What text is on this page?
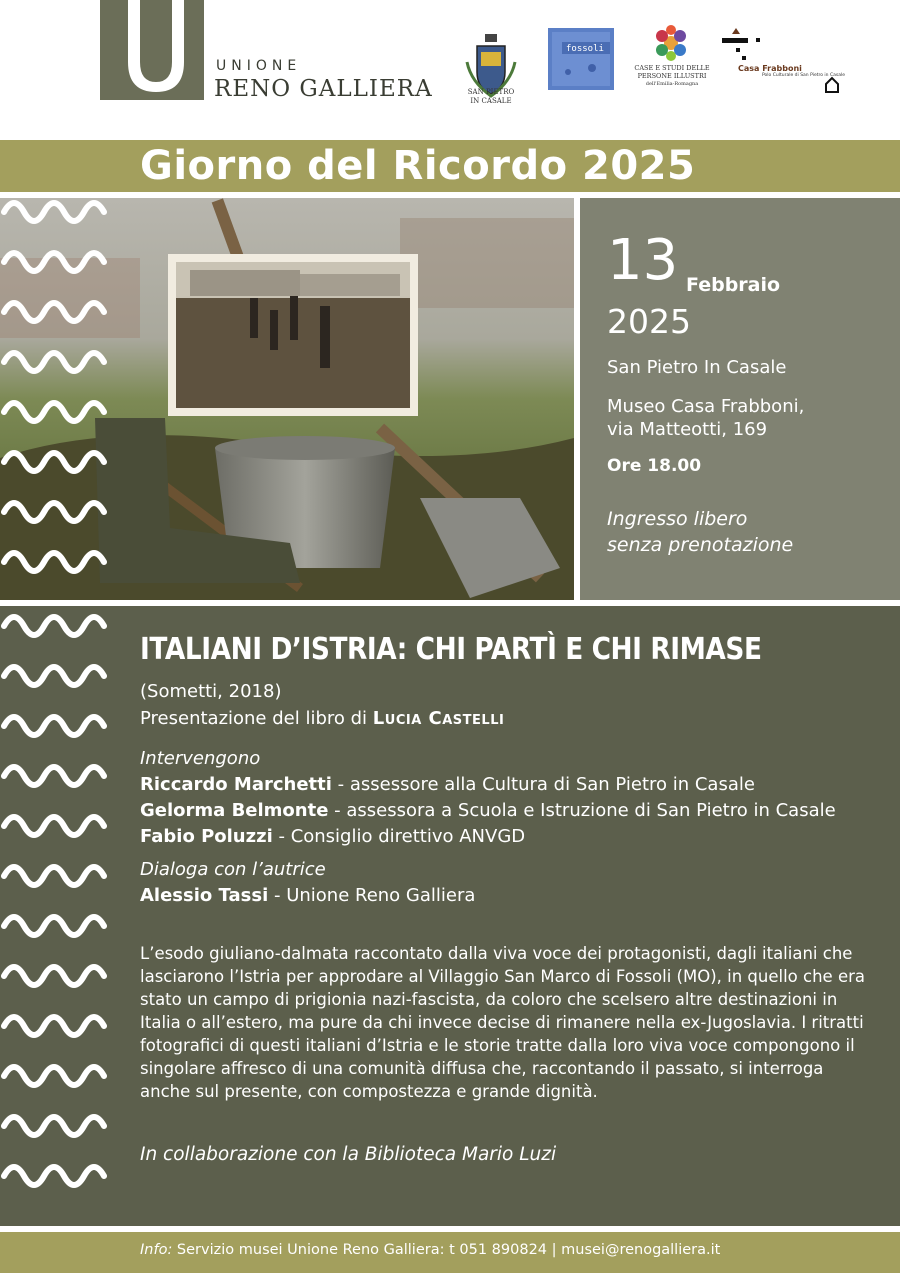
UNIONE
RENO GALLIERA	SAN PIETRO
IN CASALE
fossoli
CASE E STUDI DELLE
PERSONE ILLUSTRI
dell'Emilia-Romagna
Casa Frabboni
Polo Culturale di San Pietro in Casale
Giorno del Ricordo 2025
13 Febbraio
2025
San Pietro In Casale
Museo Casa Frabboni,
via Matteotti, 169
Ore 18.00
Ingresso libero
senza prenotazione
ITALIANI D’ISTRIA: CHI PARTÌ E CHI RIMASE
(Sometti, 2018)
Presentazione del libro di Lucia Castelli
Intervengono
Riccardo Marchetti - assessore alla Cultura di San Pietro in Casale
Gelorma Belmonte - assessora a Scuola e Istruzione di San Pietro in Casale
Fabio Poluzzi - Consiglio direttivo ANVGD
Dialoga con l’autrice
Alessio Tassi - Unione Reno Galliera

L’esodo giuliano-dalmata raccontato dalla viva voce dei protagonisti, dagli italiani che lasciarono l’Istria per approdare al Villaggio San Marco di Fossoli (MO), in quello che era stato un campo di prigionia nazi-fascista, da coloro che scelsero altre destinazioni in Italia o all’estero, ma pure da chi invece decise di rimanere nella ex-Jugoslavia. I ritratti fotografici di questi italiani d’Istria e le storie tratte dalla loro viva voce compongono il singolare affresco di una comunità diffusa che, raccontando il passato, si interroga anche sul presente, con compostezza e grande dignità.

In collaborazione con la Biblioteca Mario Luzi

Info: Servizio musei Unione Reno Galliera: t 051 890824 | musei@renogalliera.it
